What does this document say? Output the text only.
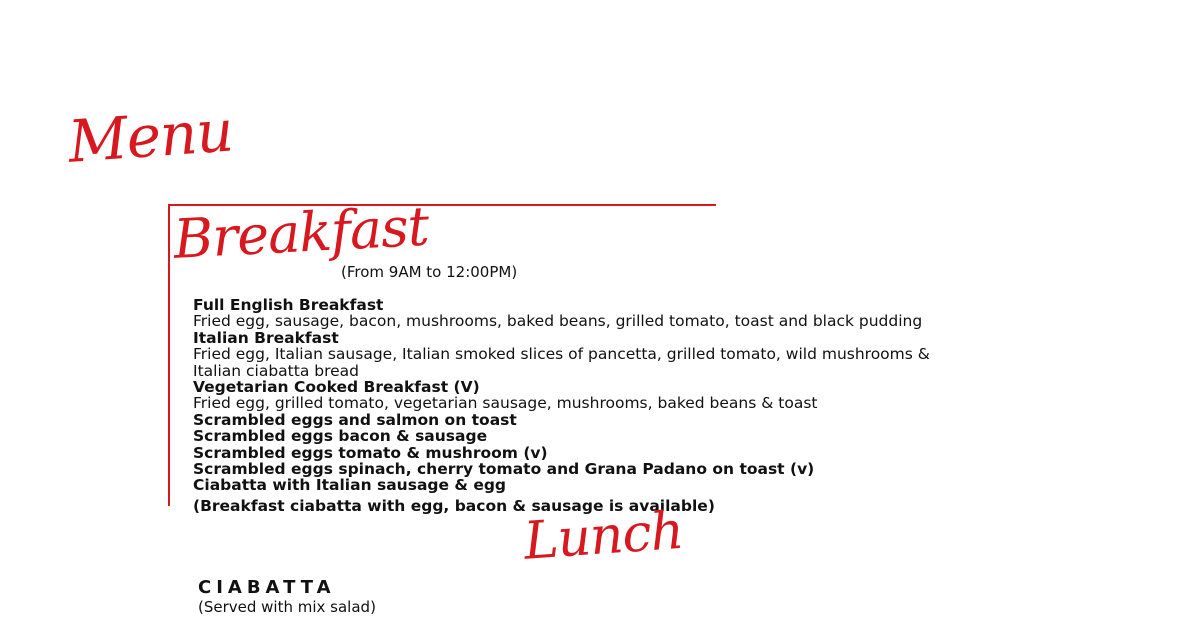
Menu
Breakfast
(From 9AM to 12:00PM)
Full English Breakfast
Fried egg, sausage, bacon, mushrooms, baked beans, grilled tomato, toast and black pudding
Italian Breakfast
Fried egg, Italian sausage, Italian smoked slices of pancetta, grilled tomato, wild mushrooms &
Italian ciabatta bread
Vegetarian Cooked Breakfast (V)
Fried egg, grilled tomato, vegetarian sausage, mushrooms, baked beans & toast
Scrambled eggs and salmon on toast
Scrambled eggs bacon & sausage
Scrambled eggs tomato & mushroom (v)
Scrambled eggs spinach, cherry tomato and Grana Padano on toast (v)
Ciabatta with Italian sausage & egg
(Breakfast ciabatta with egg, bacon & sausage is available)
Lunch
CIABATTA
(Served with mix salad)
